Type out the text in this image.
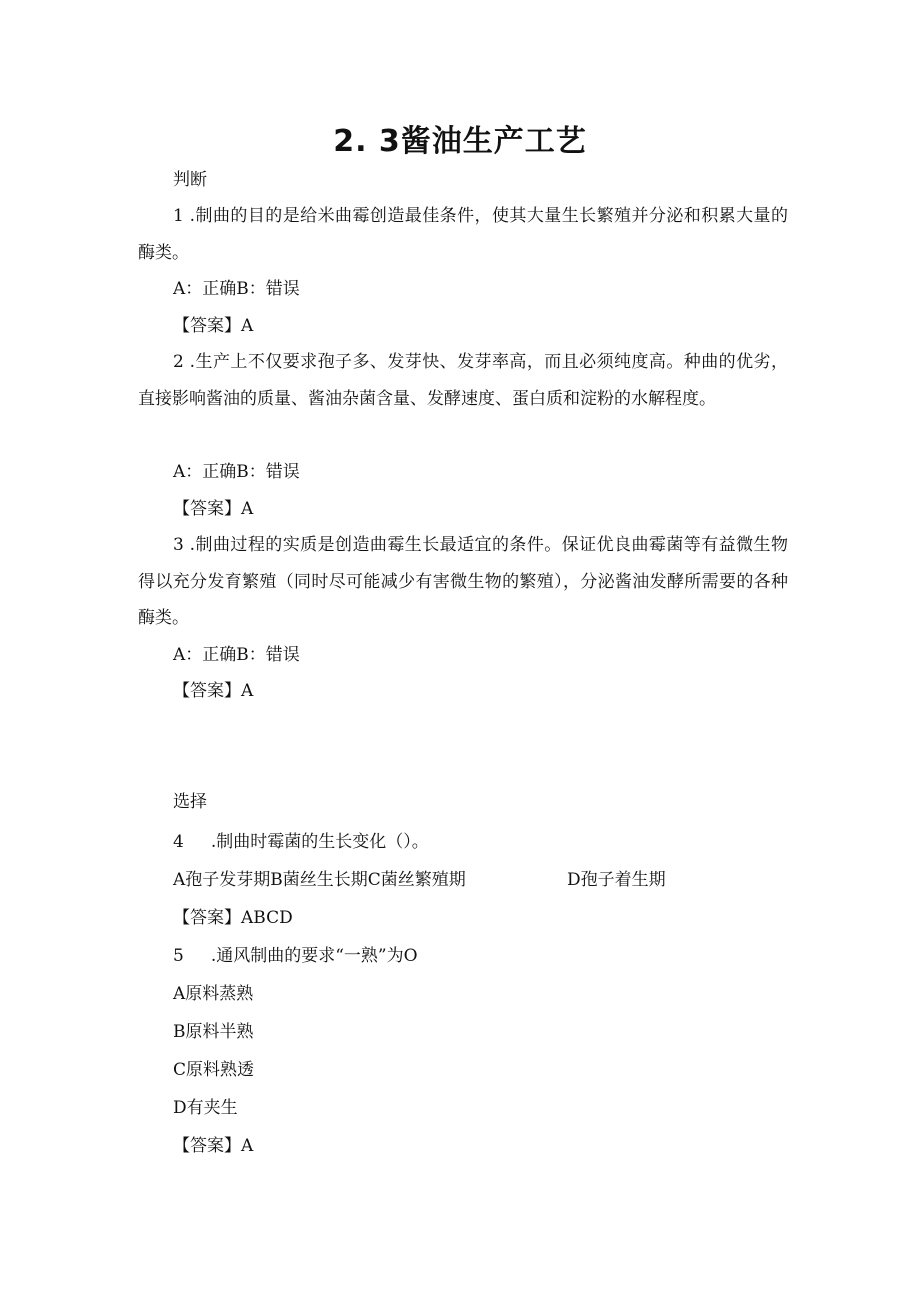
2. 3酱油生产工艺
判断

1 .制曲的目的是给米曲霉创造最佳条件，使其大量生长繁殖并分泌和积累大量的酶类。

A：正确B：错误
【答案】A

2 .生产上不仅要求孢子多、发芽快、发芽率高，而且必须纯度高。种曲的优劣，直接影响酱油的质量、酱油杂菌含量、发酵速度、蛋白质和淀粉的水解程度。

A：正确B：错误
【答案】A

3 .制曲过程的实质是创造曲霉生长最适宜的条件。保证优良曲霉菌等有益微生物得以充分发育繁殖（同时尽可能减少有害微生物的繁殖），分泌酱油发酵所需要的各种酶类。

A：正确B：错误
【答案】A
选择
4     .制曲时霉菌的生长变化（）。
A孢子发芽期B菌丝生长期C菌丝繁殖期	D孢子着生期
【答案】ABCD
5     .通风制曲的要求“一熟”为O
A原料蒸熟
B原料半熟
C原料熟透
D有夹生
【答案】A
